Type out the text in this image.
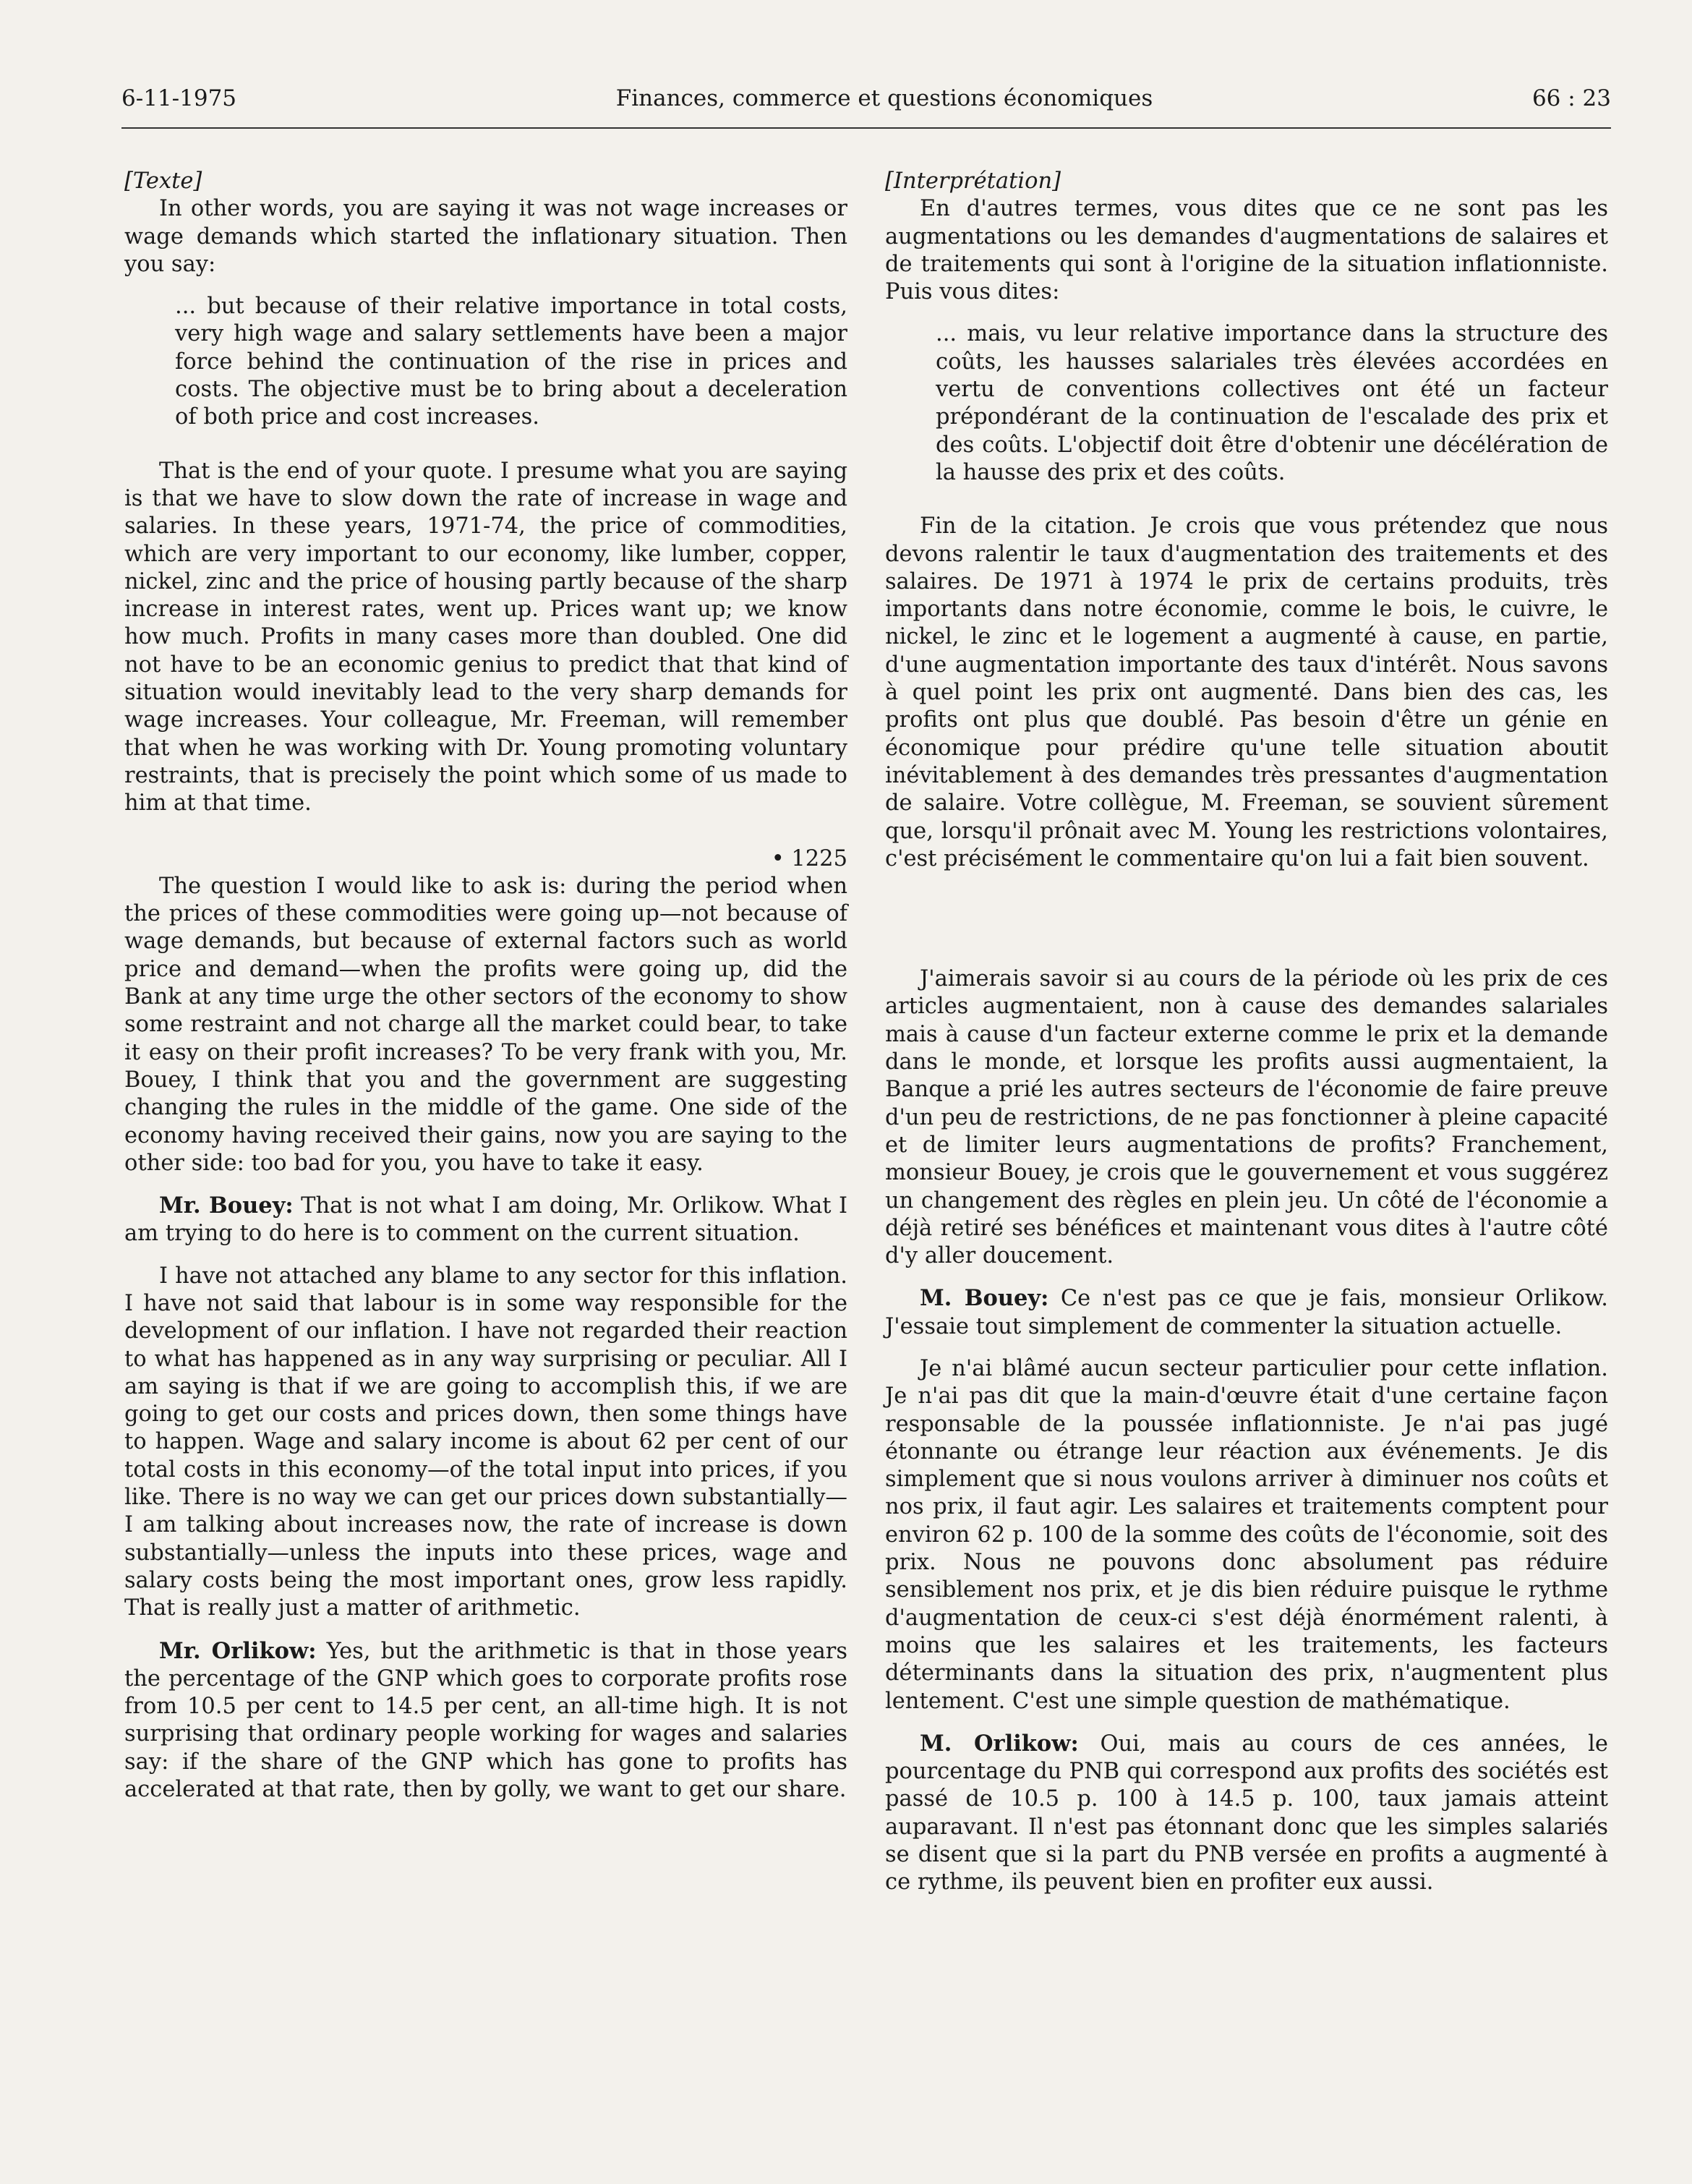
6-11-1975	Finances, commerce et questions économiques	66 : 23

[Texte]

In other words, you are saying it was not wage increases or wage demands which started the inflationary situation. Then you say:

... but because of their relative importance in total costs, very high wage and salary settlements have been a major force behind the continuation of the rise in prices and costs. The objective must be to bring about a deceleration of both price and cost increases.

That is the end of your quote. I presume what you are saying is that we have to slow down the rate of increase in wage and salaries. In these years, 1971-74, the price of commodities, which are very important to our economy, like lumber, copper, nickel, zinc and the price of housing partly because of the sharp increase in interest rates, went up. Prices want up; we know how much. Profits in many cases more than doubled. One did not have to be an economic genius to predict that that kind of situation would inevitably lead to the very sharp demands for wage increases. Your colleague, Mr. Freeman, will remember that when he was working with Dr. Young promoting voluntary restraints, that is precisely the point which some of us made to him at that time.

• 1225

The question I would like to ask is: during the period when the prices of these commodities were going up—not because of wage demands, but because of external factors such as world price and demand—when the profits were going up, did the Bank at any time urge the other sectors of the economy to show some restraint and not charge all the market could bear, to take it easy on their profit increases? To be very frank with you, Mr. Bouey, I think that you and the government are suggesting changing the rules in the middle of the game. One side of the economy having received their gains, now you are saying to the other side: too bad for you, you have to take it easy.

Mr. Bouey: That is not what I am doing, Mr. Orlikow. What I am trying to do here is to comment on the current situation.

I have not attached any blame to any sector for this inflation. I have not said that labour is in some way responsible for the development of our inflation. I have not regarded their reaction to what has happened as in any way surprising or peculiar. All I am saying is that if we are going to accomplish this, if we are going to get our costs and prices down, then some things have to happen. Wage and salary income is about 62 per cent of our total costs in this economy—of the total input into prices, if you like. There is no way we can get our prices down substantially—I am talking about increases now, the rate of increase is down substantially—unless the inputs into these prices, wage and salary costs being the most important ones, grow less rapidly. That is really just a matter of arithmetic.

Mr. Orlikow: Yes, but the arithmetic is that in those years the percentage of the GNP which goes to corporate profits rose from 10.5 per cent to 14.5 per cent, an all-time high. It is not surprising that ordinary people working for wages and salaries say: if the share of the GNP which has gone to profits has accelerated at that rate, then by golly, we want to get our share.

[Interprétation]

En d'autres termes, vous dites que ce ne sont pas les augmentations ou les demandes d'augmentations de salaires et de traitements qui sont à l'origine de la situation inflationniste. Puis vous dites:

... mais, vu leur relative importance dans la structure des coûts, les hausses salariales très élevées accordées en vertu de conventions collectives ont été un facteur prépondérant de la continuation de l'escalade des prix et des coûts. L'objectif doit être d'obtenir une décélération de la hausse des prix et des coûts.

Fin de la citation. Je crois que vous prétendez que nous devons ralentir le taux d'augmentation des traitements et des salaires. De 1971 à 1974 le prix de certains produits, très importants dans notre économie, comme le bois, le cuivre, le nickel, le zinc et le logement a augmenté à cause, en partie, d'une augmentation importante des taux d'intérêt. Nous savons à quel point les prix ont augmenté. Dans bien des cas, les profits ont plus que doublé. Pas besoin d'être un génie en économique pour prédire qu'une telle situation aboutit inévitablement à des demandes très pressantes d'augmentation de salaire. Votre collègue, M. Freeman, se souvient sûrement que, lorsqu'il prônait avec M. Young les restrictions volontaires, c'est précisément le commentaire qu'on lui a fait bien souvent.

J'aimerais savoir si au cours de la période où les prix de ces articles augmentaient, non à cause des demandes salariales mais à cause d'un facteur externe comme le prix et la demande dans le monde, et lorsque les profits aussi augmentaient, la Banque a prié les autres secteurs de l'économie de faire preuve d'un peu de restrictions, de ne pas fonctionner à pleine capacité et de limiter leurs augmentations de profits? Franchement, monsieur Bouey, je crois que le gouvernement et vous suggérez un changement des règles en plein jeu. Un côté de l'économie a déjà retiré ses bénéfices et maintenant vous dites à l'autre côté d'y aller doucement.

M. Bouey: Ce n'est pas ce que je fais, monsieur Orlikow. J'essaie tout simplement de commenter la situation actuelle.

Je n'ai blâmé aucun secteur particulier pour cette inflation. Je n'ai pas dit que la main-d'œuvre était d'une certaine façon responsable de la poussée inflationniste. Je n'ai pas jugé étonnante ou étrange leur réaction aux événements. Je dis simplement que si nous voulons arriver à diminuer nos coûts et nos prix, il faut agir. Les salaires et traitements comptent pour environ 62 p. 100 de la somme des coûts de l'économie, soit des prix. Nous ne pouvons donc absolument pas réduire sensiblement nos prix, et je dis bien réduire puisque le rythme d'augmentation de ceux-ci s'est déjà énormément ralenti, à moins que les salaires et les traitements, les facteurs déterminants dans la situation des prix, n'augmentent plus lentement. C'est une simple question de mathématique.

M. Orlikow: Oui, mais au cours de ces années, le pourcentage du PNB qui correspond aux profits des sociétés est passé de 10.5 p. 100 à 14.5 p. 100, taux jamais atteint auparavant. Il n'est pas étonnant donc que les simples salariés se disent que si la part du PNB versée en profits a augmenté à ce rythme, ils peuvent bien en profiter eux aussi.
